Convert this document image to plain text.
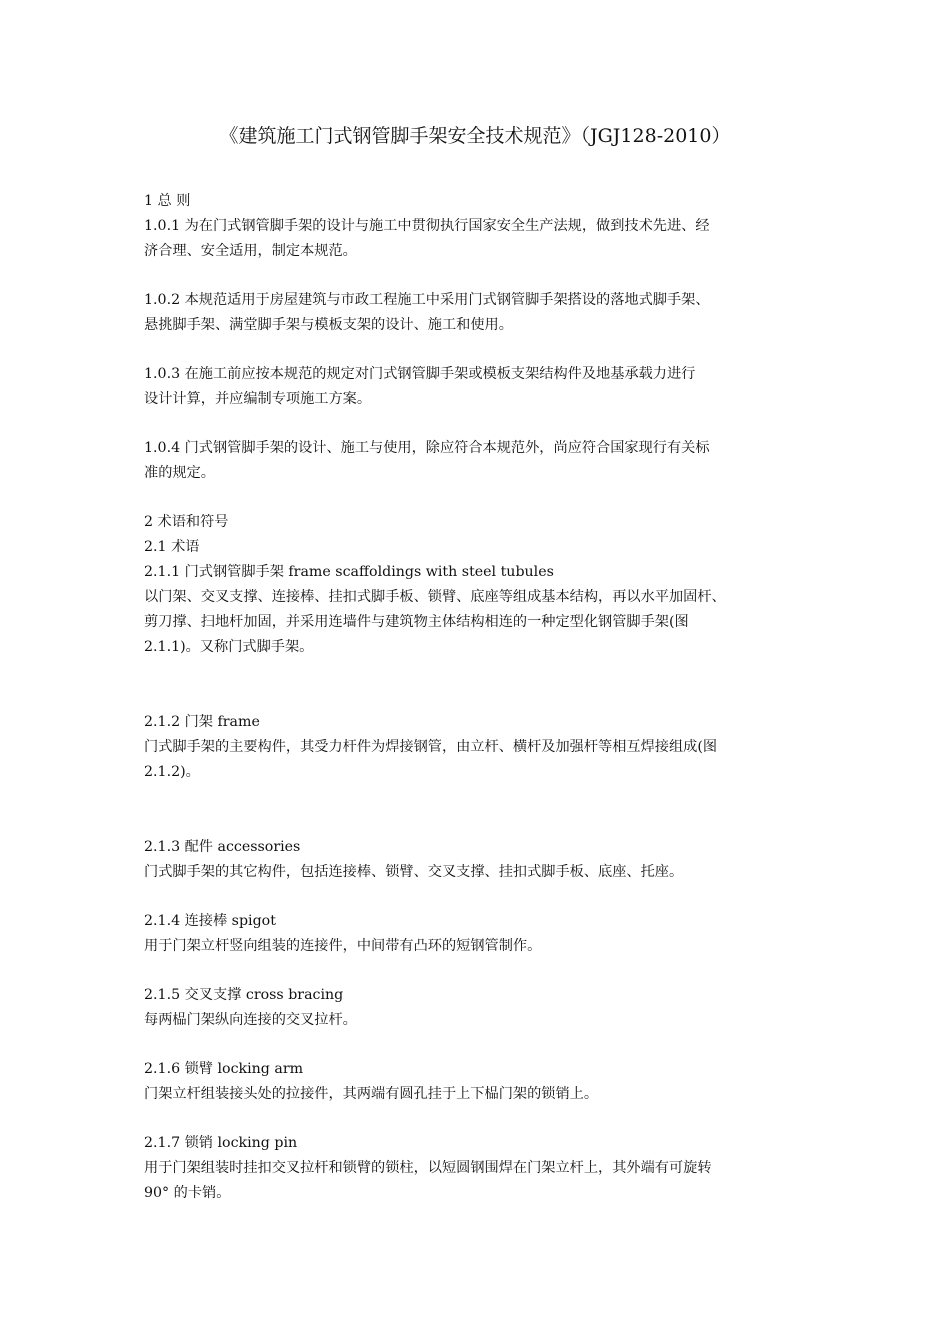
《建筑施工门式钢管脚手架安全技术规范》（JGJ128-2010）
1 总 则
1.0.1 为在门式钢管脚手架的设计与施工中贯彻执行国家安全生产法规，做到技术先进、经
济合理、安全适用，制定本规范。
1.0.2 本规范适用于房屋建筑与市政工程施工中采用门式钢管脚手架搭设的落地式脚手架、
悬挑脚手架、满堂脚手架与模板支架的设计、施工和使用。
1.0.3 在施工前应按本规范的规定对门式钢管脚手架或模板支架结构件及地基承载力进行
设计计算，并应编制专项施工方案。
1.0.4 门式钢管脚手架的设计、施工与使用，除应符合本规范外，尚应符合国家现行有关标
准的规定。
2 术语和符号
2.1 术语
2.1.1 门式钢管脚手架 frame scaffoldings with steel tubules
以门架、交叉支撑、连接棒、挂扣式脚手板、锁臂、底座等组成基本结构，再以水平加固杆、
剪刀撑、扫地杆加固，并采用连墙件与建筑物主体结构相连的一种定型化钢管脚手架(图
2.1.1)。又称门式脚手架。
2.1.2 门架 frame
门式脚手架的主要构件，其受力杆件为焊接钢管，由立杆、横杆及加强杆等相互焊接组成(图
2.1.2)。
2.1.3 配件 accessories
门式脚手架的其它构件，包括连接棒、锁臂、交叉支撑、挂扣式脚手板、底座、托座。
2.1.4 连接棒 spigot
用于门架立杆竖向组装的连接件，中间带有凸环的短钢管制作。
2.1.5 交叉支撑 cross bracing
每两榀门架纵向连接的交叉拉杆。
2.1.6 锁臂 locking arm
门架立杆组装接头处的拉接件，其两端有圆孔挂于上下榀门架的锁销上。
2.1.7 锁销 locking pin
用于门架组装时挂扣交叉拉杆和锁臂的锁柱，以短圆钢围焊在门架立杆上，其外端有可旋转
90° 的卡销。
